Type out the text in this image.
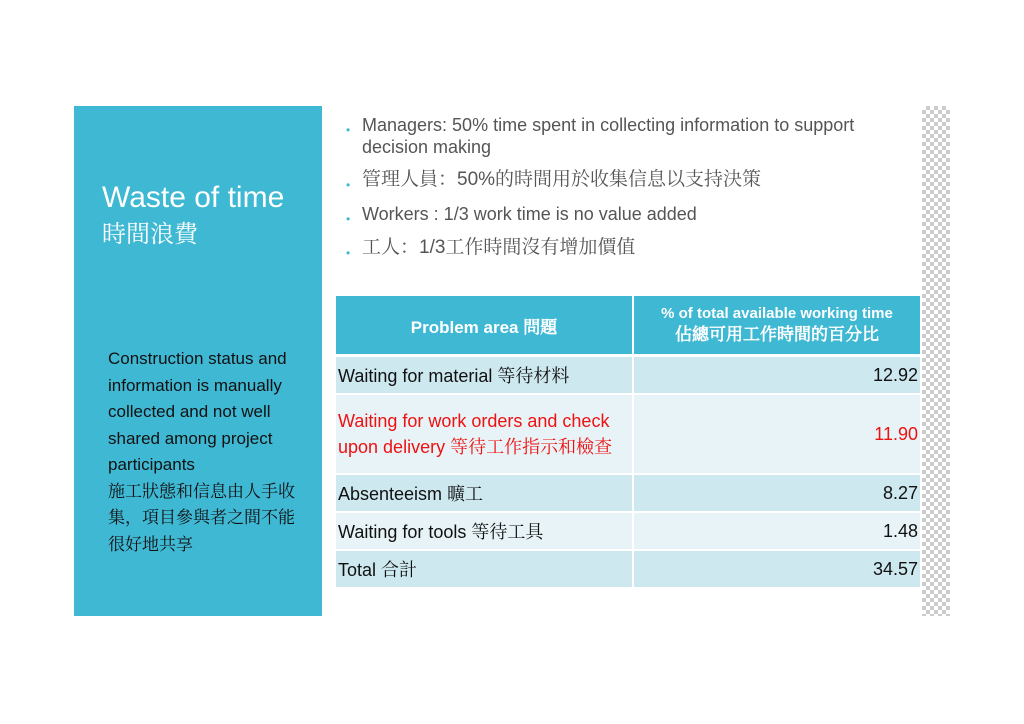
Waste of time
時間浪費
Construction status and information is manually collected and not well shared among project participants
施工狀態和信息由人手收集，項目參與者之間不能很好地共享
• Managers: 50% time spent in collecting information to support decision making
• 管理人員：50%的時間用於收集信息以支持決策
• Workers : 1/3 work time is no value added
• 工人：1/3工作時間沒有增加價值
Problem area 問題	% of total available working time
佔總可用工作時間的百分比

Waiting for material 等待材料	12.92
Waiting for work orders and check upon delivery 等待工作指示和檢查	11.90
Absenteeism 曠工	8.27
Waiting for tools 等待工具	1.48
Total 合計	34.57
